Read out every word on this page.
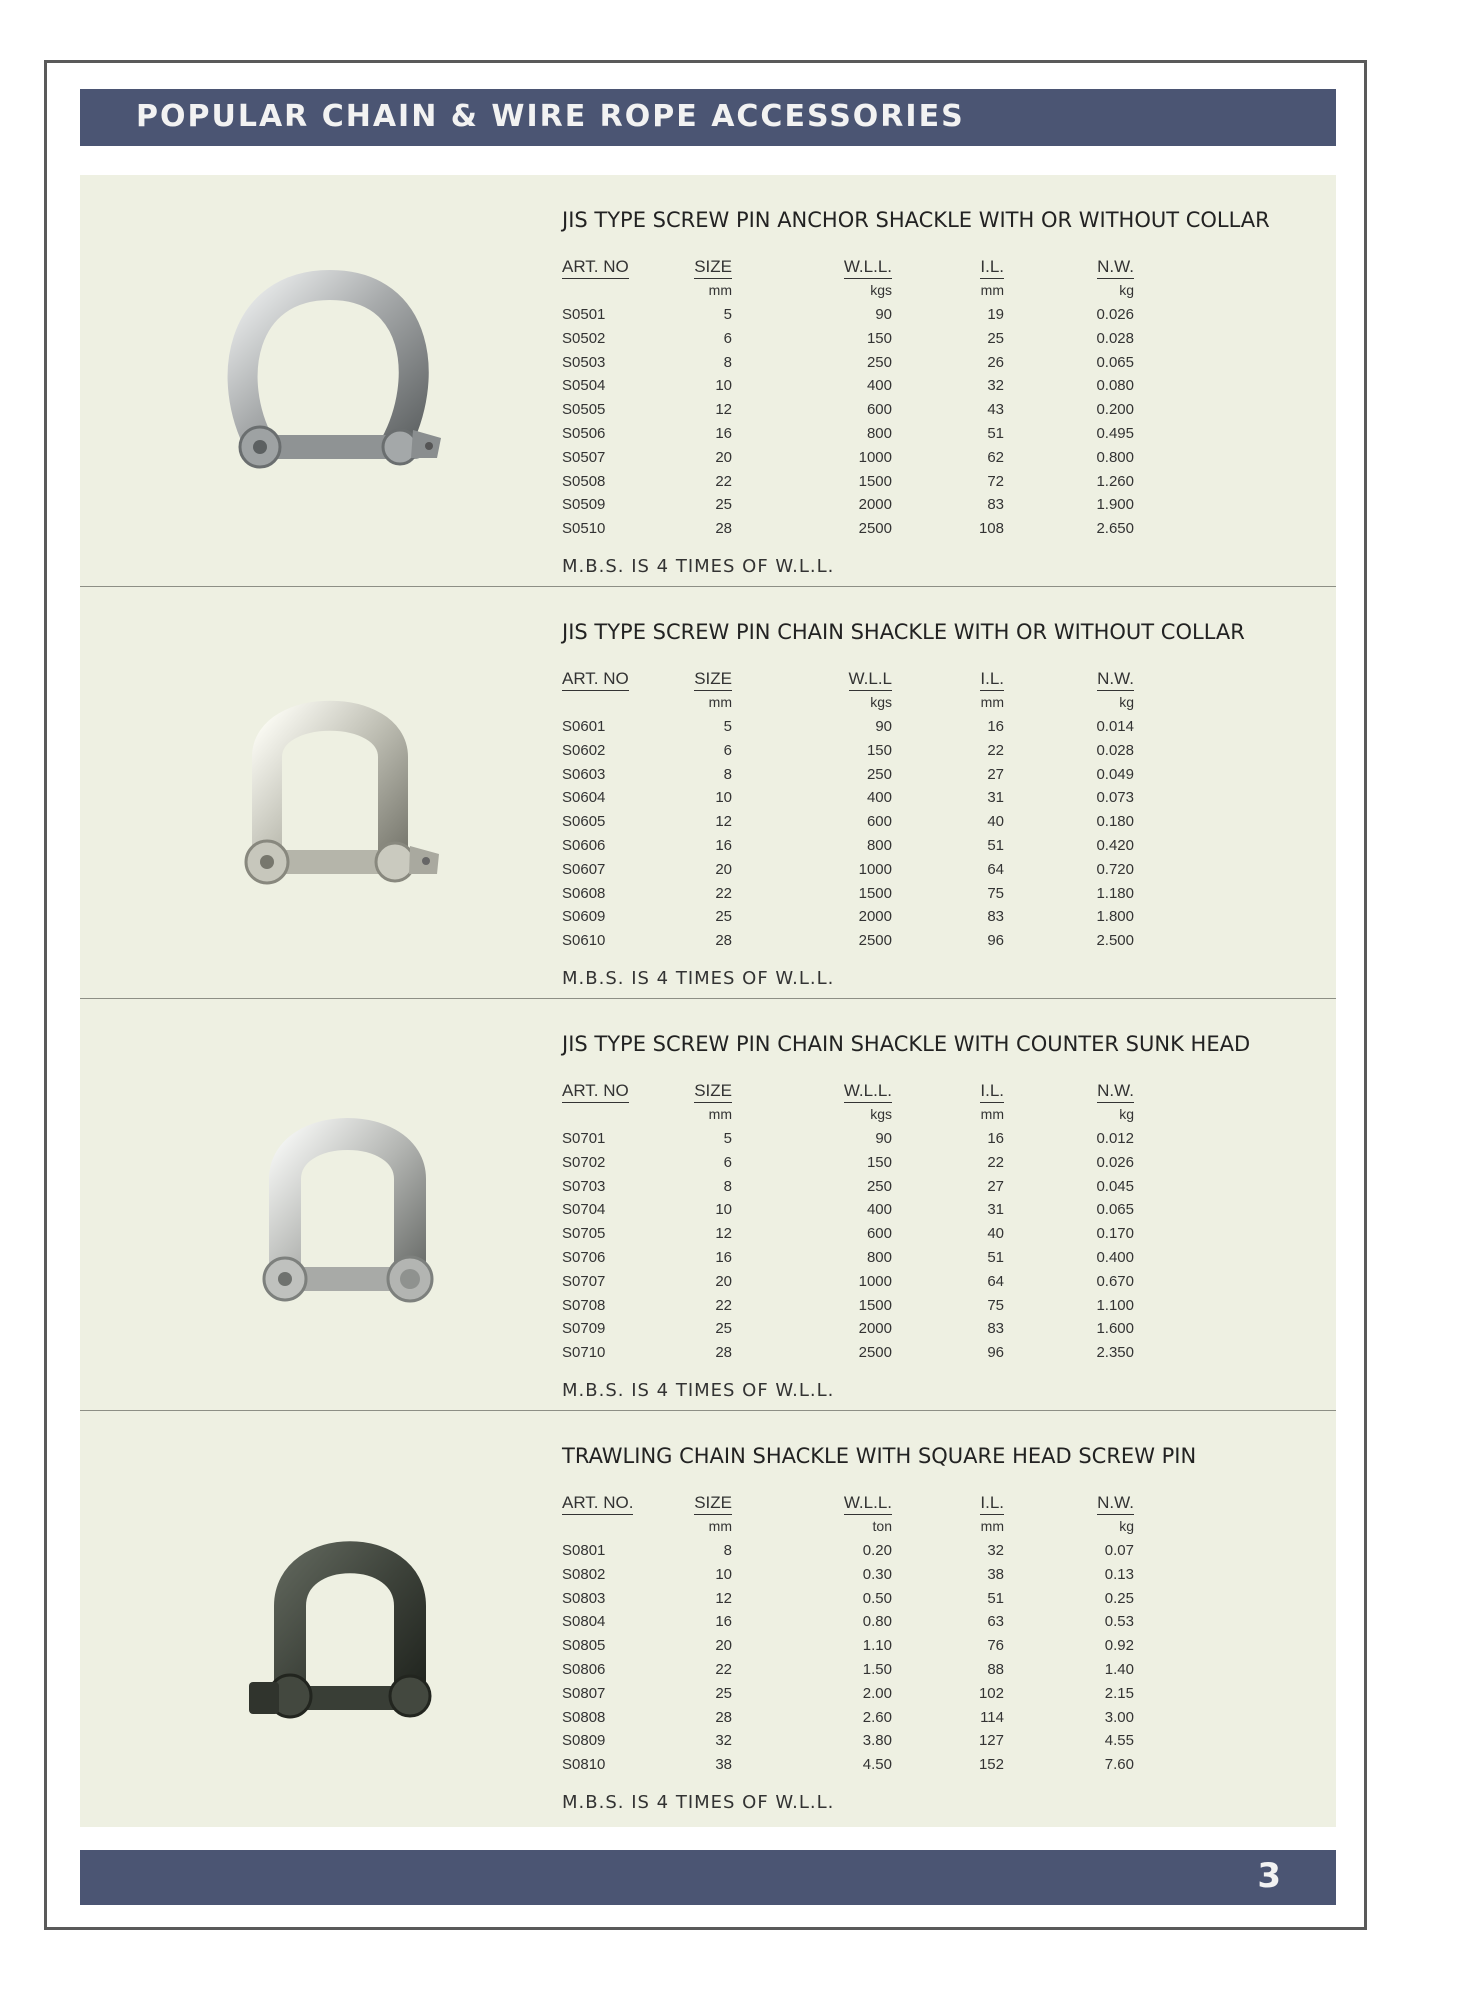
POPULAR CHAIN & WIRE ROPE ACCESSORIES
JIS TYPE SCREW PIN ANCHOR SHACKLE WITH OR WITHOUT COLLAR
ART. NO	SIZE	W.L.L.	I.L.	N.W.
	mm	kgs	mm	kg
S0501	5	90	19	0.026
S0502	6	150	25	0.028
S0503	8	250	26	0.065
S0504	10	400	32	0.080
S0505	12	600	43	0.200
S0506	16	800	51	0.495
S0507	20	1000	62	0.800
S0508	22	1500	72	1.260
S0509	25	2000	83	1.900
S0510	28	2500	108	2.650

M.B.S. IS 4 TIMES OF W.L.L.

JIS TYPE SCREW PIN CHAIN SHACKLE WITH OR WITHOUT COLLAR
ART. NO	SIZE	W.L.L	I.L.	N.W.
	mm	kgs	mm	kg
S0601	5	90	16	0.014
S0602	6	150	22	0.028
S0603	8	250	27	0.049
S0604	10	400	31	0.073
S0605	12	600	40	0.180
S0606	16	800	51	0.420
S0607	20	1000	64	0.720
S0608	22	1500	75	1.180
S0609	25	2000	83	1.800
S0610	28	2500	96	2.500

M.B.S. IS 4 TIMES OF W.L.L.

JIS TYPE SCREW PIN CHAIN SHACKLE WITH COUNTER SUNK HEAD
ART. NO	SIZE	W.L.L.	I.L.	N.W.
	mm	kgs	mm	kg
S0701	5	90	16	0.012
S0702	6	150	22	0.026
S0703	8	250	27	0.045
S0704	10	400	31	0.065
S0705	12	600	40	0.170
S0706	16	800	51	0.400
S0707	20	1000	64	0.670
S0708	22	1500	75	1.100
S0709	25	2000	83	1.600
S0710	28	2500	96	2.350

M.B.S. IS 4 TIMES OF W.L.L.

TRAWLING CHAIN SHACKLE WITH SQUARE HEAD SCREW PIN
ART. NO.	SIZE	W.L.L.	I.L.	N.W.
	mm	ton	mm	kg
S0801	8	0.20	32	0.07
S0802	10	0.30	38	0.13
S0803	12	0.50	51	0.25
S0804	16	0.80	63	0.53
S0805	20	1.10	76	0.92
S0806	22	1.50	88	1.40
S0807	25	2.00	102	2.15
S0808	28	2.60	114	3.00
S0809	32	3.80	127	4.55
S0810	38	4.50	152	7.60

M.B.S. IS 4 TIMES OF W.L.L.

3
